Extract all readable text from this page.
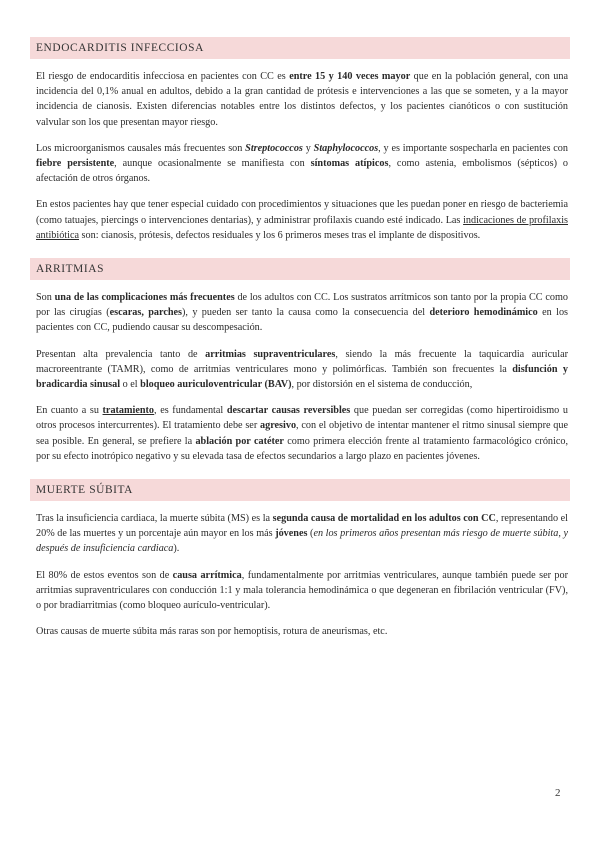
ENDOCARDITIS INFECCIOSA

El riesgo de endocarditis infecciosa en pacientes con CC es entre 15 y 140 veces mayor que en la población general, con una incidencia del 0,1% anual en adultos, debido a la gran cantidad de prótesis e intervenciones a las que se someten, y a la mayor incidencia de cianosis. Existen diferencias notables entre los distintos defectos, y los pacientes cianóticos o con sustitución valvular son los que presentan mayor riesgo.

Los microorganismos causales más frecuentes son Streptococcos y Staphylococcos, y es importante sospecharla en pacientes con fiebre persistente, aunque ocasionalmente se manifiesta con síntomas atípicos, como astenia, embolismos (sépticos) o afectación de otros órganos.

En estos pacientes hay que tener especial cuidado con procedimientos y situaciones que les puedan poner en riesgo de bacteriemia (como tatuajes, piercings o intervenciones dentarias), y administrar profilaxis cuando esté indicado. Las indicaciones de profilaxis antibiótica son: cianosis, prótesis, defectos residuales y los 6 primeros meses tras el implante de dispositivos.

ARRITMIAS

Son una de las complicaciones más frecuentes de los adultos con CC. Los sustratos arrítmicos son tanto por la propia CC como por las cirugías (escaras, parches), y pueden ser tanto la causa como la consecuencia del deterioro hemodinámico en los pacientes con CC, pudiendo causar su descompesación.

Presentan alta prevalencia tanto de arritmias supraventriculares, siendo la más frecuente la taquicardia auricular macroreentrante (TAMR), como de arritmias ventriculares mono y polimórficas. También son frecuentes la disfunción y bradicardia sinusal o el bloqueo auriculoventricular (BAV), por distorsión en el sistema de conducción,

En cuanto a su tratamiento, es fundamental descartar causas reversibles que puedan ser corregidas (como hipertiroidismo u otros procesos intercurrentes). El tratamiento debe ser agresivo, con el objetivo de intentar mantener el ritmo sinusal siempre que sea posible. En general, se prefiere la ablación por catéter como primera elección frente al tratamiento farmacológico crónico, por su efecto inotrópico negativo y su elevada tasa de efectos secundarios a largo plazo en pacientes jóvenes.

MUERTE SÚBITA

Tras la insuficiencia cardiaca, la muerte súbita (MS) es la segunda causa de mortalidad en los adultos con CC, representando el 20% de las muertes y un porcentaje aún mayor en los más jóvenes (en los primeros años presentan más riesgo de muerte súbita, y después de insuficiencia cardiaca).

El 80% de estos eventos son de causa arrítmica, fundamentalmente por arritmias ventriculares, aunque también puede ser por arritmias supraventriculares con conducción 1:1 y mala tolerancia hemodinámica o que degeneran en fibrilación ventricular (FV), o por bradiarritmias (como bloqueo aurículo-ventricular).

Otras causas de muerte súbita más raras son por hemoptisis, rotura de aneurismas, etc.

2
